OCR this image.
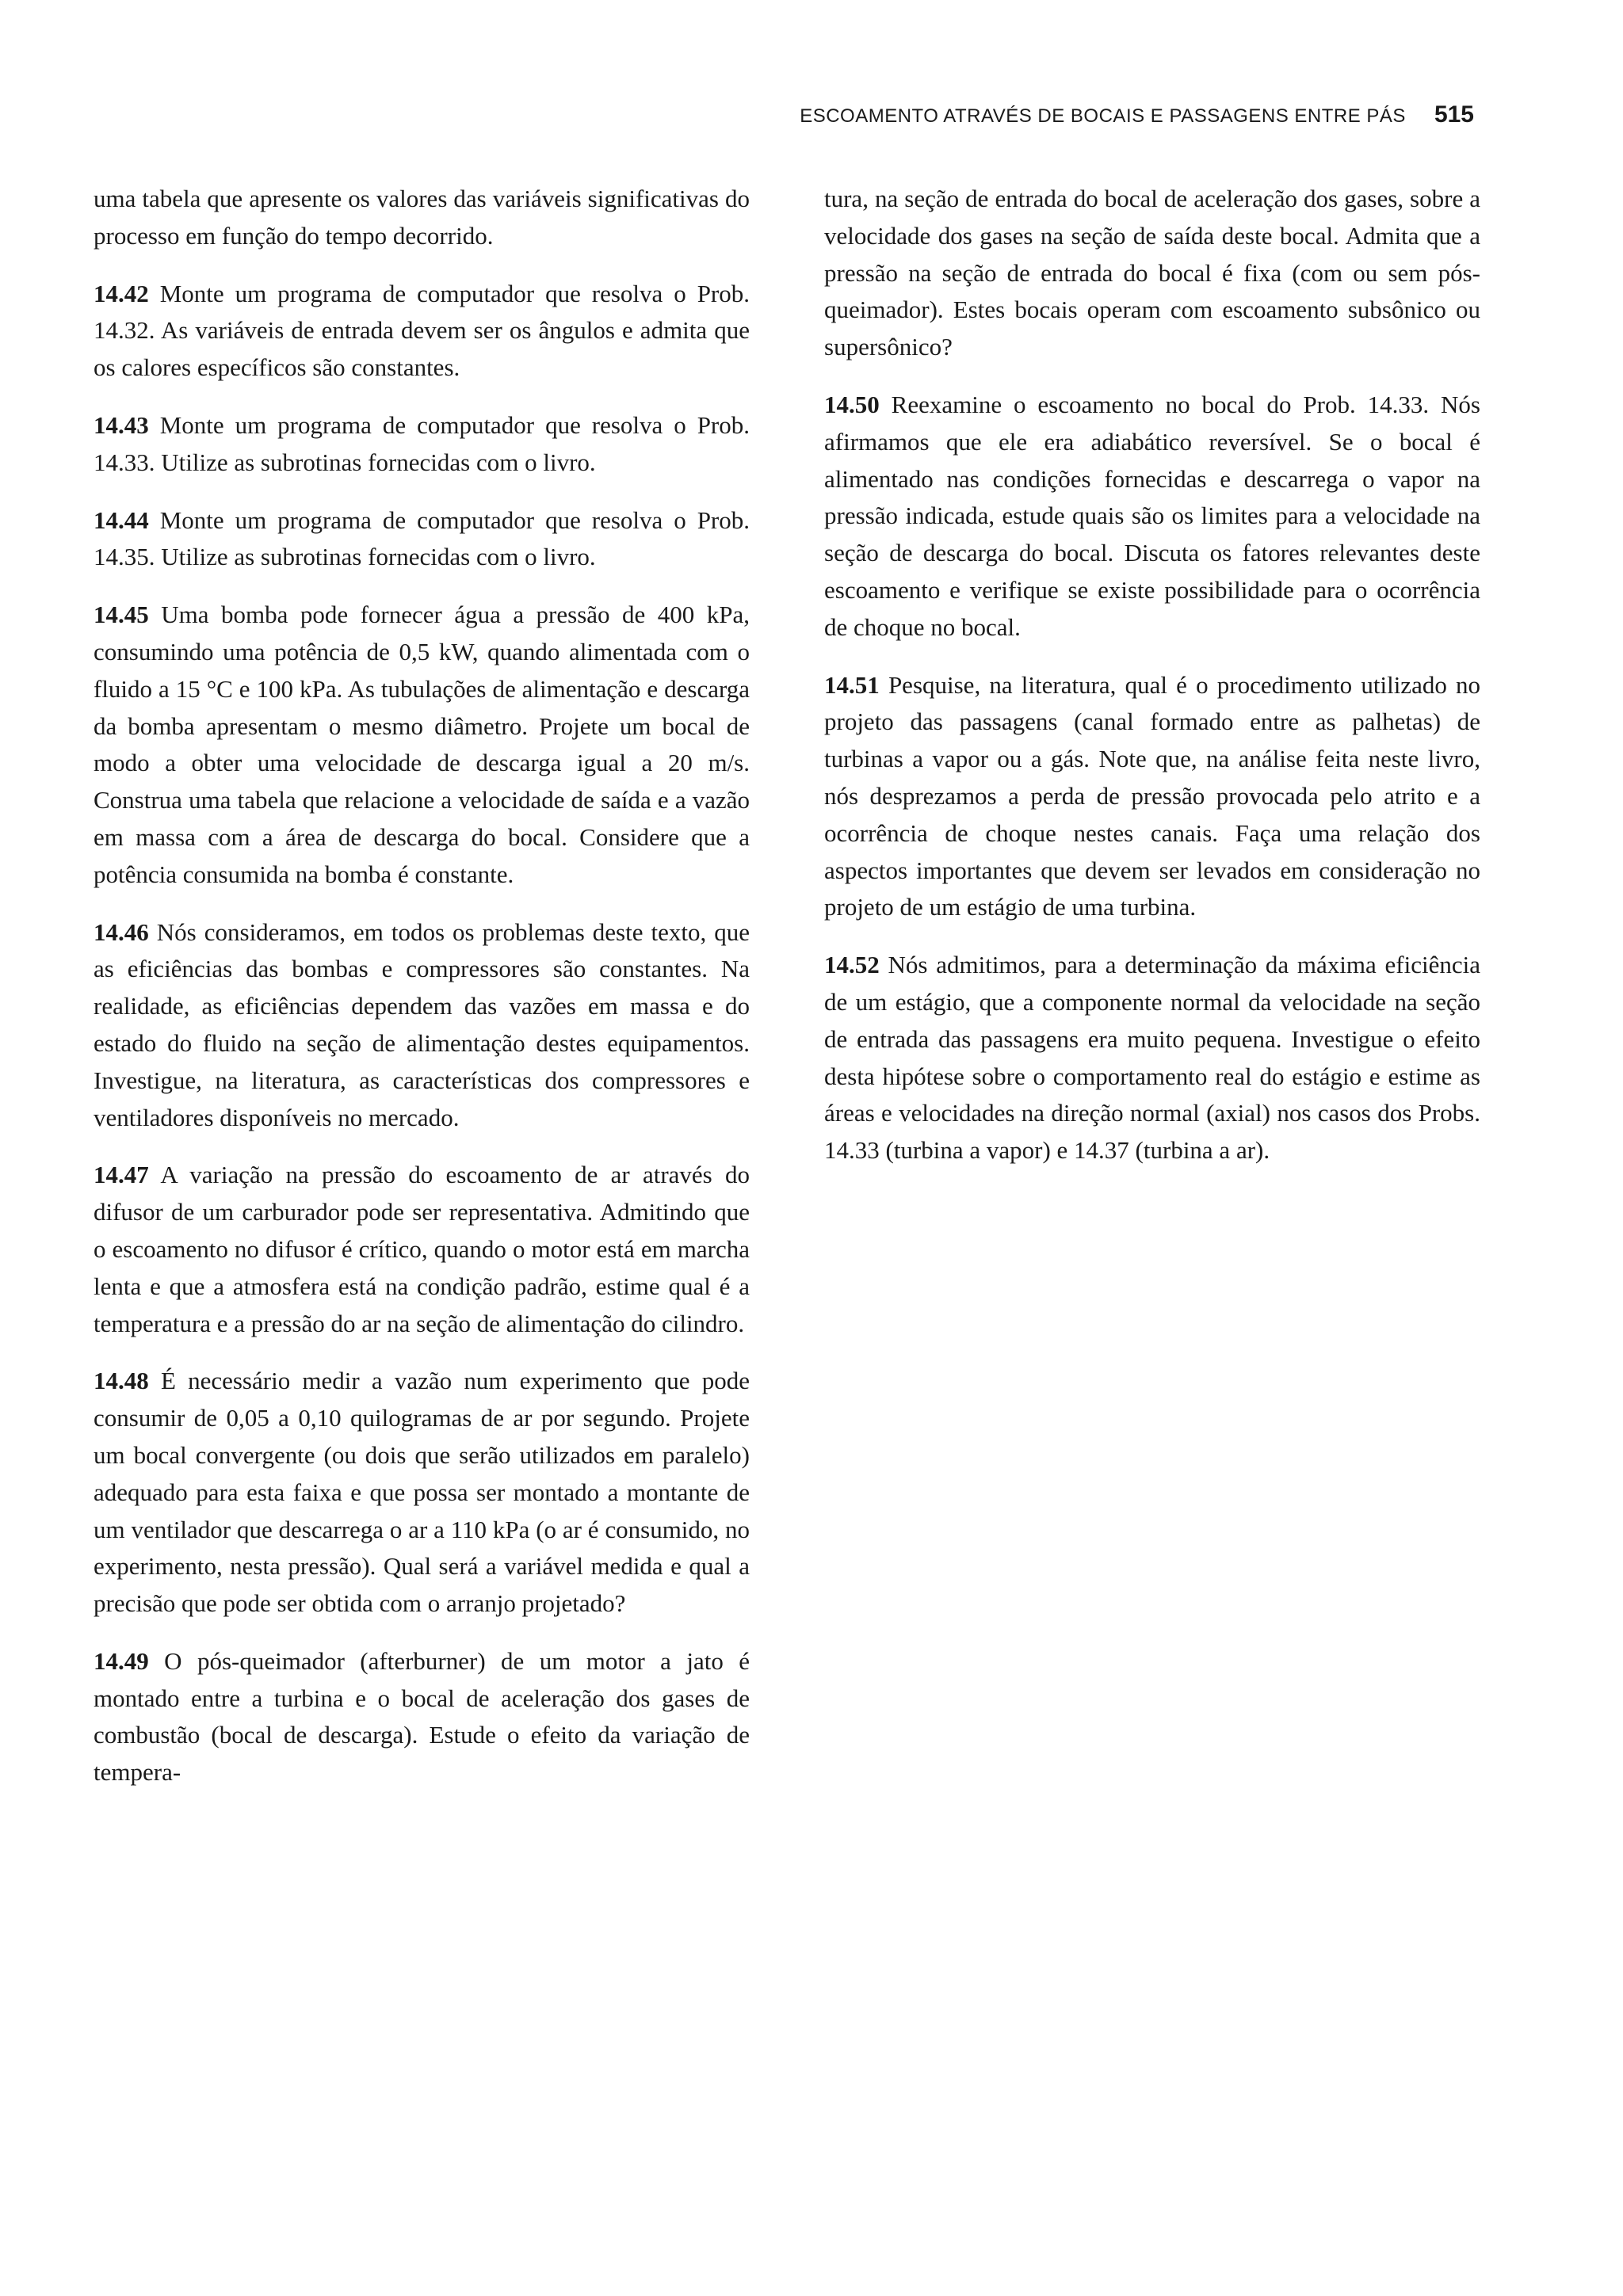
ESCOAMENTO ATRAVÉS DE BOCAIS E PASSAGENS ENTRE PÁS 515

uma tabela que apresente os valores das variáveis significativas do processo em função do tempo decorrido.

14.42 Monte um programa de computador que resolva o Prob. 14.32. As variáveis de entrada devem ser os ângulos e admita que os calores específicos são constantes.

14.43 Monte um programa de computador que resolva o Prob. 14.33. Utilize as subrotinas fornecidas com o livro.

14.44 Monte um programa de computador que resolva o Prob. 14.35. Utilize as subrotinas fornecidas com o livro.

14.45 Uma bomba pode fornecer água a pressão de 400 kPa, consumindo uma potência de 0,5 kW, quando alimentada com o fluido a 15 °C e 100 kPa. As tubulações de alimentação e descarga da bomba apresentam o mesmo diâmetro. Projete um bocal de modo a obter uma velocidade de descarga igual a 20 m/s. Construa uma tabela que relacione a velocidade de saída e a vazão em massa com a área de descarga do bocal. Considere que a potência consumida na bomba é constante.

14.46 Nós consideramos, em todos os problemas deste texto, que as eficiências das bombas e compressores são constantes. Na realidade, as eficiências dependem das vazões em massa e do estado do fluido na seção de alimentação destes equipamentos. Investigue, na literatura, as características dos compressores e ventiladores disponíveis no mercado.

14.47 A variação na pressão do escoamento de ar através do difusor de um carburador pode ser representativa. Admitindo que o escoamento no difusor é crítico, quando o motor está em marcha lenta e que a atmosfera está na condição padrão, estime qual é a temperatura e a pressão do ar na seção de alimentação do cilindro.

14.48 É necessário medir a vazão num experimento que pode consumir de 0,05 a 0,10 quilogramas de ar por segundo. Projete um bocal convergente (ou dois que serão utilizados em paralelo) adequado para esta faixa e que possa ser montado a montante de um ventilador que descarrega o ar a 110 kPa (o ar é consumido, no experimento, nesta pressão). Qual será a variável medida e qual a precisão que pode ser obtida com o arranjo projetado?

14.49 O pós-queimador (afterburner) de um motor a jato é montado entre a turbina e o bocal de aceleração dos gases de combustão (bocal de descarga). Estude o efeito da variação de tempera-

tura, na seção de entrada do bocal de aceleração dos gases, sobre a velocidade dos gases na seção de saída deste bocal. Admita que a pressão na seção de entrada do bocal é fixa (com ou sem pós-queimador). Estes bocais operam com escoamento subsônico ou supersônico?

14.50 Reexamine o escoamento no bocal do Prob. 14.33. Nós afirmamos que ele era adiabático reversível. Se o bocal é alimentado nas condições fornecidas e descarrega o vapor na pressão indicada, estude quais são os limites para a velocidade na seção de descarga do bocal. Discuta os fatores relevantes deste escoamento e verifique se existe possibilidade para o ocorrência de choque no bocal.

14.51 Pesquise, na literatura, qual é o procedimento utilizado no projeto das passagens (canal formado entre as palhetas) de turbinas a vapor ou a gás. Note que, na análise feita neste livro, nós desprezamos a perda de pressão provocada pelo atrito e a ocorrência de choque nestes canais. Faça uma relação dos aspectos importantes que devem ser levados em consideração no projeto de um estágio de uma turbina.

14.52 Nós admitimos, para a determinação da máxima eficiência de um estágio, que a componente normal da velocidade na seção de entrada das passagens era muito pequena. Investigue o efeito desta hipótese sobre o comportamento real do estágio e estime as áreas e velocidades na direção normal (axial) nos casos dos Probs. 14.33 (turbina a vapor) e 14.37 (turbina a ar).
